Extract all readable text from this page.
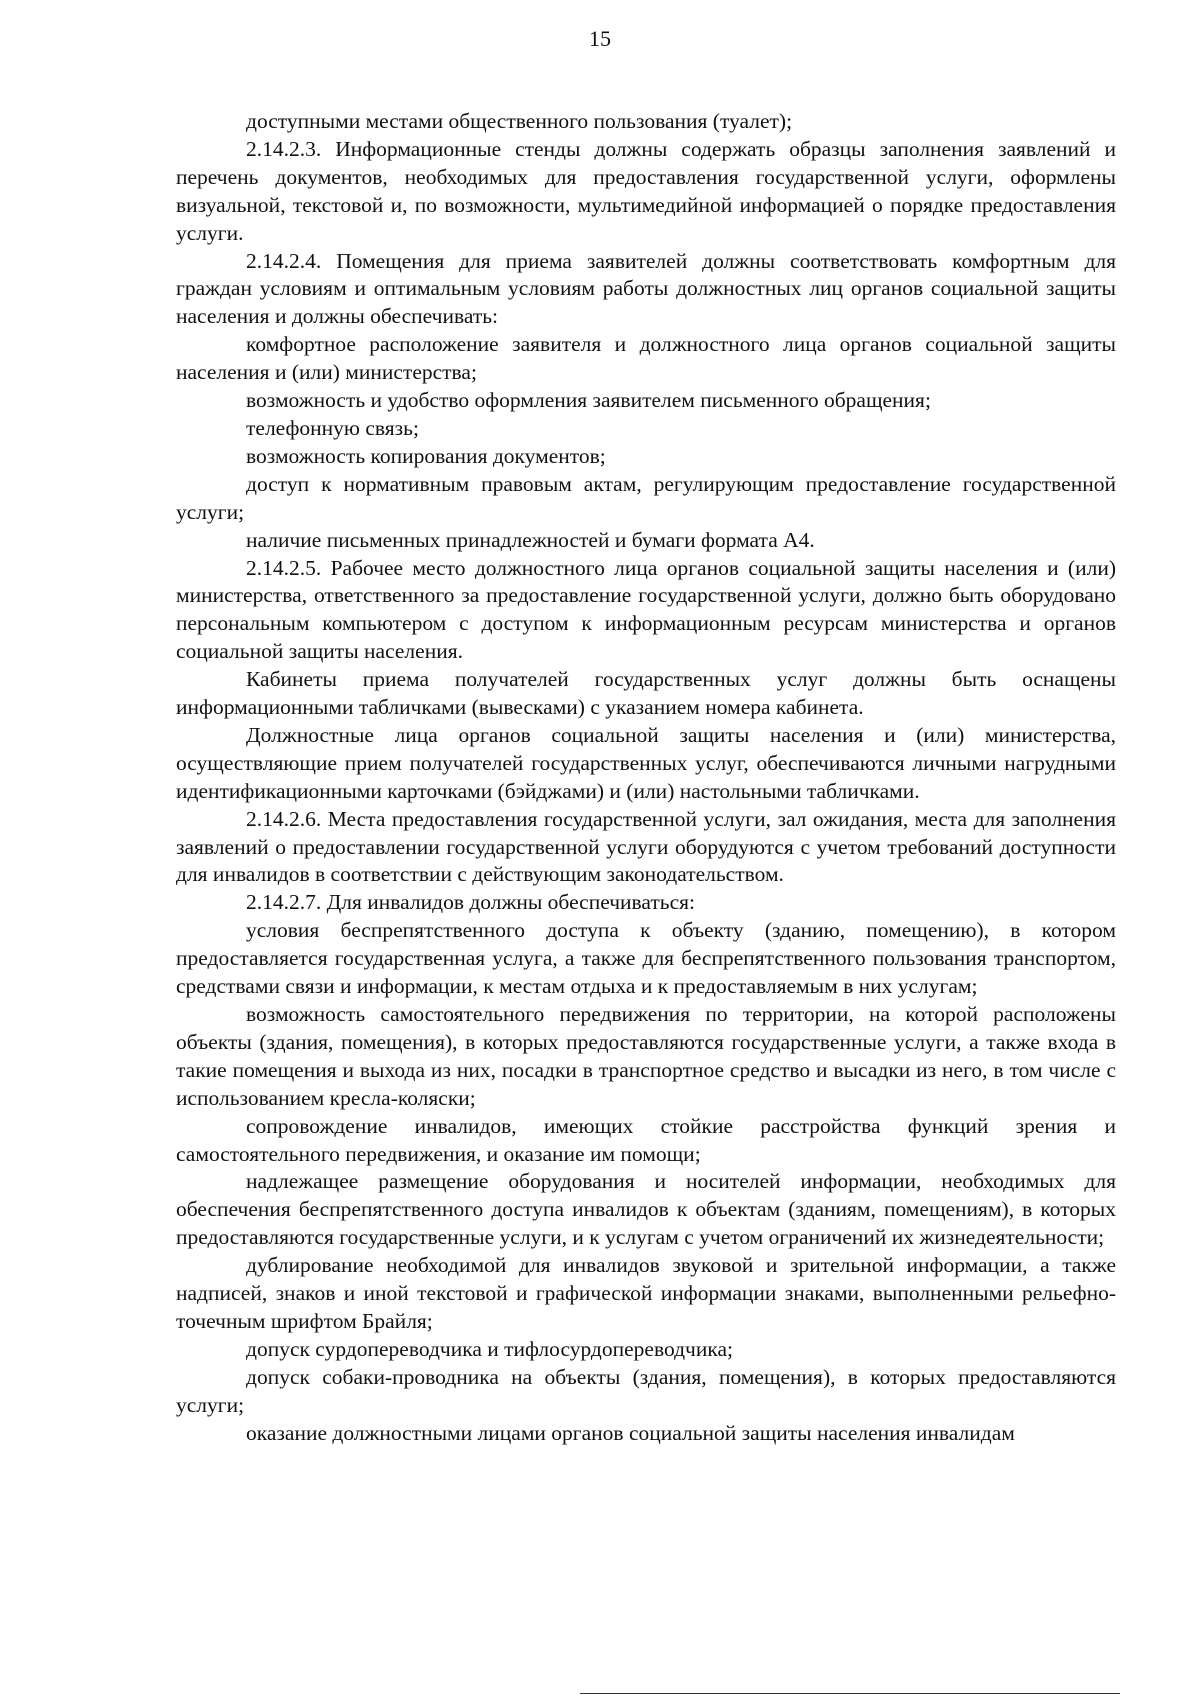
15

доступными местами общественного пользования (туалет);

2.14.2.3. Информационные стенды должны содержать образцы заполнения заявлений и перечень документов, необходимых для предоставления государственной услуги, оформлены визуальной, текстовой и, по возможности, мультимедийной информацией о порядке предоставления услуги.

2.14.2.4. Помещения для приема заявителей должны соответствовать комфортным для граждан условиям и оптимальным условиям работы должностных лиц органов социальной защиты населения и должны обеспечивать:

комфортное расположение заявителя и должностного лица органов социальной защиты населения и (или) министерства;

возможность и удобство оформления заявителем письменного обращения;

телефонную связь;

возможность копирования документов;

доступ к нормативным правовым актам, регулирующим предоставление государственной услуги;

наличие письменных принадлежностей и бумаги формата А4.

2.14.2.5. Рабочее место должностного лица органов социальной защиты населения и (или) министерства, ответственного за предоставление государственной услуги, должно быть оборудовано персональным компьютером с доступом к информационным ресурсам министерства и органов социальной защиты населения.

Кабинеты приема получателей государственных услуг должны быть оснащены информационными табличками (вывесками) с указанием номера кабинета.

Должностные лица органов социальной защиты населения и (или) министерства, осуществляющие прием получателей государственных услуг, обеспечиваются личными нагрудными идентификационными карточками (бэйджами) и (или) настольными табличками.

2.14.2.6. Места предоставления государственной услуги, зал ожидания, места для заполнения заявлений о предоставлении государственной услуги оборудуются с учетом требований доступности для инвалидов в соответствии с действующим законодательством.

2.14.2.7. Для инвалидов должны обеспечиваться:

условия беспрепятственного доступа к объекту (зданию, помещению), в котором предоставляется государственная услуга, а также для беспрепятственного пользования транспортом, средствами связи и информации, к местам отдыха и к предоставляемым в них услугам;

возможность самостоятельного передвижения по территории, на которой расположены объекты (здания, помещения), в которых предоставляются государственные услуги, а также входа в такие помещения и выхода из них, посадки в транспортное средство и высадки из него, в том числе с использованием кресла-коляски;

сопровождение инвалидов, имеющих стойкие расстройства функций зрения и самостоятельного передвижения, и оказание им помощи;

надлежащее размещение оборудования и носителей информации, необходимых для обеспечения беспрепятственного доступа инвалидов к объектам (зданиям, помещениям), в которых предоставляются государственные услуги, и к услугам с учетом ограничений их жизнедеятельности;

дублирование необходимой для инвалидов звуковой и зрительной информации, а также надписей, знаков и иной текстовой и графической информации знаками, выполненными рельефно-точечным шрифтом Брайля;

допуск сурдопереводчика и тифлосурдопереводчика;

допуск собаки-проводника на объекты (здания, помещения), в которых предоставляются услуги;

оказание должностными лицами органов социальной защиты населения инвалидам
